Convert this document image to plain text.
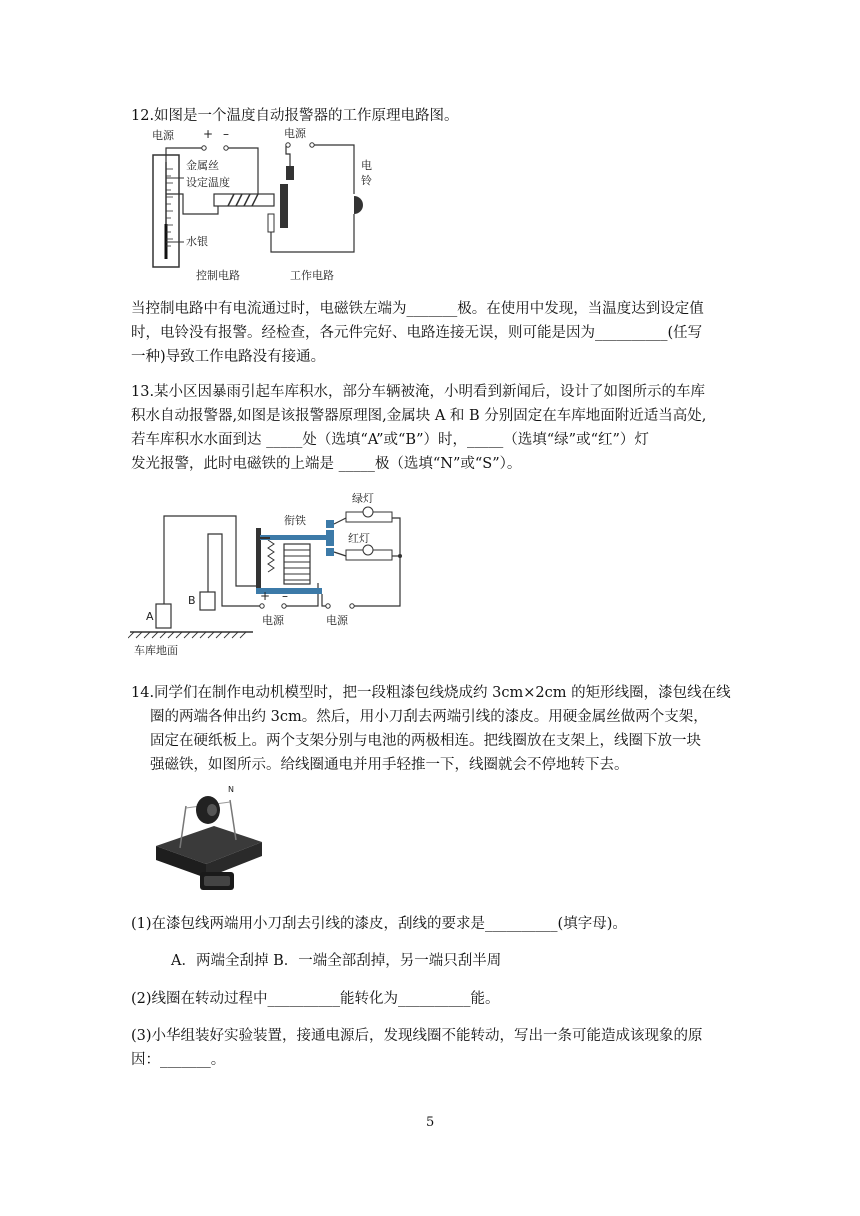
12.如图是一个温度自动报警器的工作原理电路图。
电源 + –	电源
金属丝
设定温度
水银
电
铃
控制电路	工作电路
当控制电路中有电流通过时，电磁铁左端为_______极。在使用中发现，当温度达到设定值
时，电铃没有报警。经检查，各元件完好、电路连接无误，则可能是因为__________(任写
一种)导致工作电路没有接通。
13.某小区因暴雨引起车库积水，部分车辆被淹，小明看到新闻后，设计了如图所示的车库
积水自动报警器,如图是该报警器原理图,金属块 A 和 B 分别固定在车库地面附近适当高处,
若车库积水水面到达 _____处（选填“A”或“B”）时，_____（选填“绿”或“红”）灯
发光报警，此时电磁铁的上端是 _____极（选填“N”或“S”）。
绿灯
红灯
衔铁
A
B	+ –
电源	电源
车库地面
14.同学们在制作电动机模型时，把一段粗漆包线烧成约 3cm×2cm 的矩形线圈，漆包线在线
圈的两端各伸出约 3cm。然后，用小刀刮去两端引线的漆皮。用硬金属丝做两个支架，
固定在硬纸板上。两个支架分别与电池的两极相连。把线圈放在支架上，线圈下放一块
强磁铁，如图所示。给线圈通电并用手轻推一下，线圈就会不停地转下去。
N
(1)在漆包线两端用小刀刮去引线的漆皮，刮线的要求是__________(填字母)。
A．两端全刮掉 B．一端全部刮掉，另一端只刮半周
(2)线圈在转动过程中__________能转化为__________能。
(3)小华组装好实验装置，接通电源后，发现线圈不能转动，写出一条可能造成该现象的原
因：_______。
5
